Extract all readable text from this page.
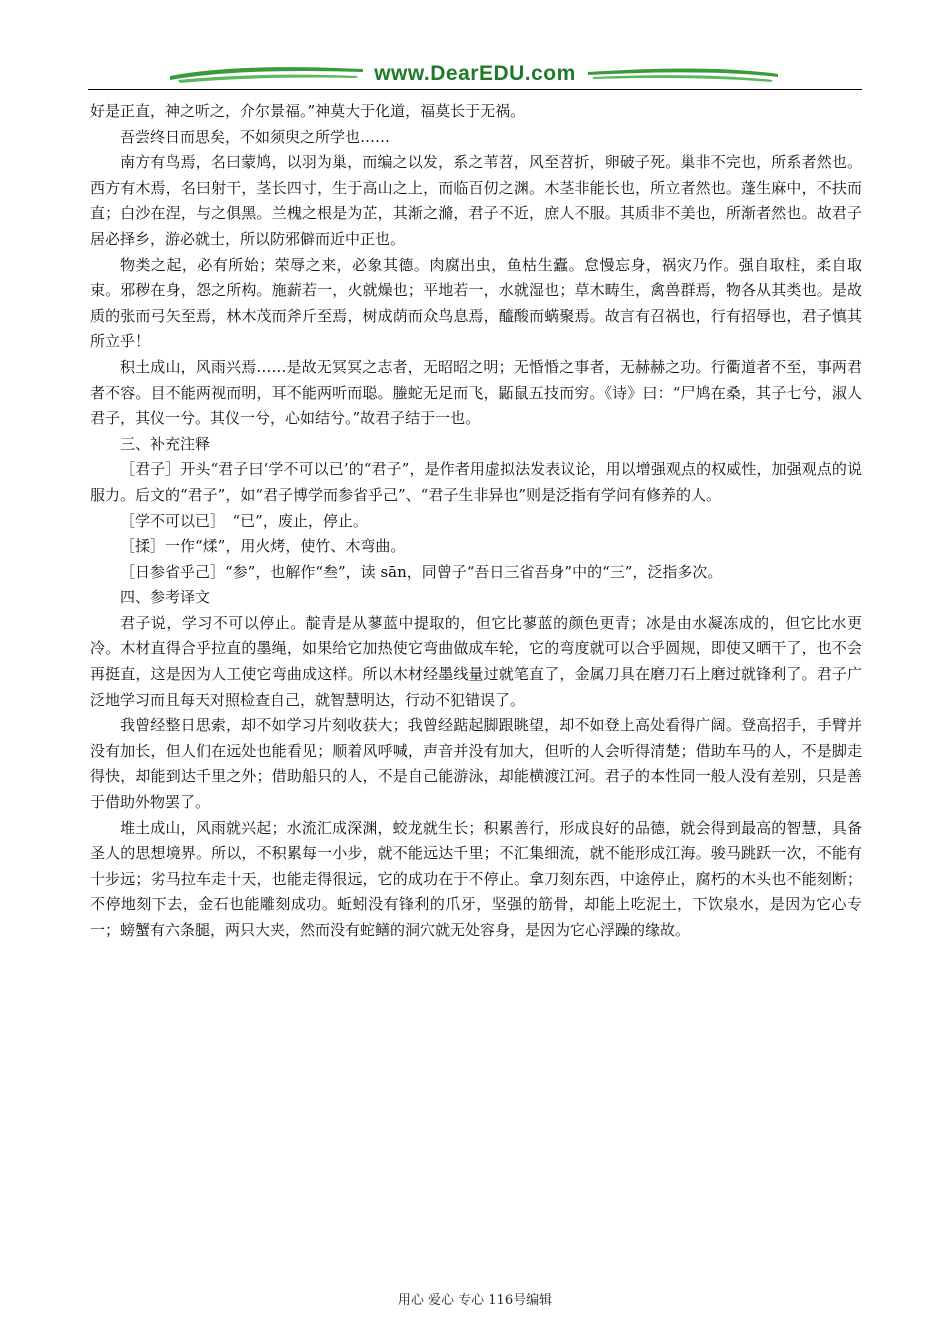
www.DearEDU.com

好是正直，神之听之，介尔景福。”神莫大于化道，福莫长于无祸。

吾尝终日而思矣，不如须臾之所学也……

南方有鸟焉，名曰蒙鸠，以羽为巢，而编之以发，系之苇苕，风至苕折，卵破子死。巢非不完也，所系者然也。西方有木焉，名曰射干，茎长四寸，生于高山之上，而临百仞之渊。木茎非能长也，所立者然也。蓬生麻中，不扶而直；白沙在涅，与之俱黑。兰槐之根是为芷，其渐之滫，君子不近，庶人不服。其质非不美也，所渐者然也。故君子居必择乡，游必就士，所以防邪僻而近中正也。

物类之起，必有所始；荣辱之来，必象其德。肉腐出虫，鱼枯生蠹。怠慢忘身，祸灾乃作。强自取柱，柔自取束。邪秽在身，怨之所构。施薪若一，火就燥也；平地若一，水就湿也；草木畴生，禽兽群焉，物各从其类也。是故质的张而弓矢至焉，林木茂而斧斤至焉，树成荫而众鸟息焉，醯酸而蜹聚焉。故言有召祸也，行有招辱也，君子慎其所立乎！

积土成山，风雨兴焉……是故无冥冥之志者，无昭昭之明；无惛惛之事者，无赫赫之功。行衢道者不至，事两君者不容。目不能两视而明，耳不能两听而聪。螣蛇无足而飞，鼫鼠五技而穷。《诗》曰：“尸鸠在桑，其子七兮，淑人君子，其仪一兮。其仪一兮，心如结兮。”故君子结于一也。

三、补充注释

［君子］开头“君子曰‘学不可以已’的“君子”，是作者用虚拟法发表议论，用以增强观点的权威性，加强观点的说服力。后文的“君子”，如“君子博学而参省乎己”、“君子生非异也”则是泛指有学问有修养的人。

［学不可以已］　“已”，废止，停止。

［揉］一作“煣”，用火烤，使竹、木弯曲。

［日参省乎己］“参”，也解作“叁”，读 sān，同曾子“吾日三省吾身”中的“三”，泛指多次。

四、参考译文

君子说，学习不可以停止。靛青是从蓼蓝中提取的，但它比蓼蓝的颜色更青；冰是由水凝冻成的，但它比水更冷。木材直得合乎拉直的墨绳，如果给它加热使它弯曲做成车轮，它的弯度就可以合乎圆规，即使又晒干了，也不会再挺直，这是因为人工使它弯曲成这样。所以木材经墨线量过就笔直了，金属刀具在磨刀石上磨过就锋利了。君子广泛地学习而且每天对照检查自己，就智慧明达，行动不犯错误了。

我曾经整日思索，却不如学习片刻收获大；我曾经踮起脚跟眺望，却不如登上高处看得广阔。登高招手，手臂并没有加长，但人们在远处也能看见；顺着风呼喊，声音并没有加大，但听的人会听得清楚；借助车马的人，不是脚走得快，却能到达千里之外；借助船只的人，不是自己能游泳，却能横渡江河。君子的本性同一般人没有差别，只是善于借助外物罢了。

堆土成山，风雨就兴起；水流汇成深渊，蛟龙就生长；积累善行，形成良好的品德，就会得到最高的智慧，具备圣人的思想境界。所以，不积累每一小步，就不能远达千里；不汇集细流，就不能形成江海。骏马跳跃一次，不能有十步远；劣马拉车走十天，也能走得很远，它的成功在于不停止。拿刀刻东西，中途停止，腐朽的木头也不能刻断；不停地刻下去，金石也能雕刻成功。蚯蚓没有锋利的爪牙，坚强的筋骨，却能上吃泥土，下饮泉水，是因为它心专一；螃蟹有六条腿，两只大夹，然而没有蛇鳝的洞穴就无处容身，是因为它心浮躁的缘故。

用心 爱心 专心 116号编辑
